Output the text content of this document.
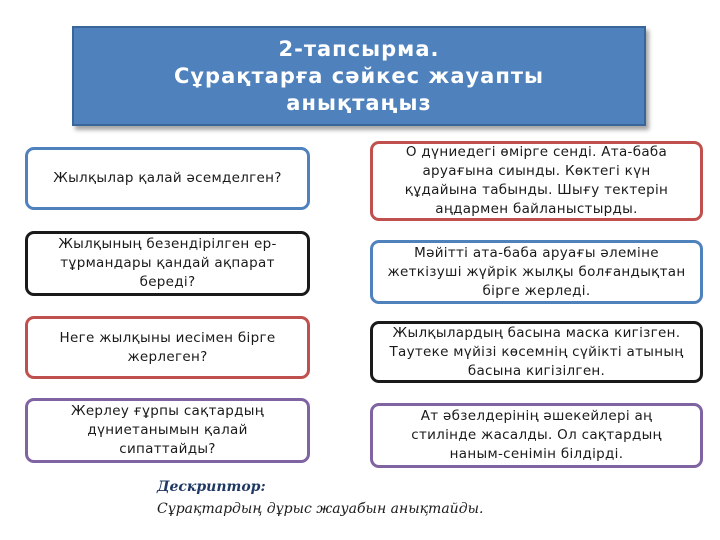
2-тапсырма.
Сұрақтарға сәйкес жауапты
анықтаңыз
Жылқылар қалай әсемделген?
Жылқының безендірілген ер-тұрмандары қандай ақпарат береді?
Неге жылқыны иесімен бірге жерлеген?
Жерлеу ғұрпы сақтардың дүниетанымын қалай сипаттайды?
О дүниедегі өмірге сенді. Ата-баба аруағына сиынды. Көктегі күн құдайына табынды. Шығу тектерін аңдармен байланыстырды.
Мәйітті ата-баба аруағы әлеміне жеткізуші жүйрік жылқы болғандықтан бірге жерледі.
Жылқылардың басына маска кигізген. Таутеке мүйізі көсемнің сүйікті атының басына кигізілген.
Ат әбзелдерінің әшекейлері аң стилінде жасалды. Ол сақтардың наным-сенімін білдірді.
Дескриптор:
Сұрақтардың дұрыс жауабын анықтайды.
